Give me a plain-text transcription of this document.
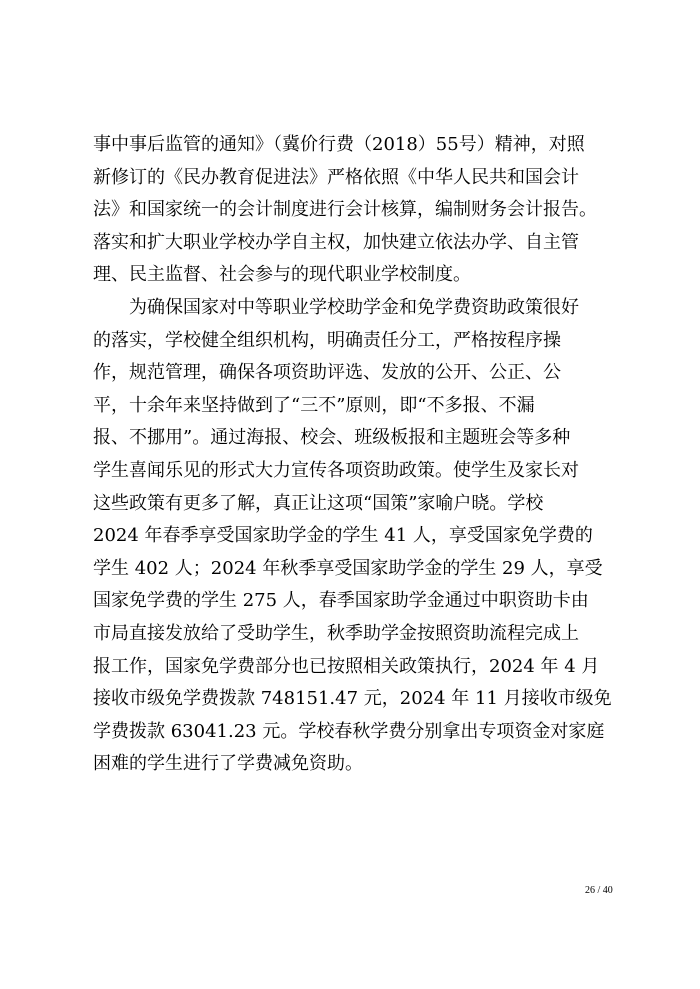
事中事后监管的通知》（冀价行费（2018）55号）精神，对照
新修订的《民办教育促进法》严格依照《中华人民共和国会计
法》和国家统一的会计制度进行会计核算，编制财务会计报告。
落实和扩大职业学校办学自主权，加快建立依法办学、自主管
理、民主监督、社会参与的现代职业学校制度。
　　为确保国家对中等职业学校助学金和免学费资助政策很好
的落实，学校健全组织机构，明确责任分工，严格按程序操
作，规范管理，确保各项资助评选、发放的公开、公正、公
平，十余年来坚持做到了“三不”原则，即“不多报、不漏
报、不挪用”。通过海报、校会、班级板报和主题班会等多种
学生喜闻乐见的形式大力宣传各项资助政策。使学生及家长对
这些政策有更多了解，真正让这项“国策”家喻户晓。学校
2024 年春季享受国家助学金的学生 41 人，享受国家免学费的
学生 402 人；2024 年秋季享受国家助学金的学生 29 人，享受
国家免学费的学生 275 人，春季国家助学金通过中职资助卡由
市局直接发放给了受助学生，秋季助学金按照资助流程完成上
报工作，国家免学费部分也已按照相关政策执行，2024 年 4 月
接收市级免学费拨款 748151.47 元，2024 年 11 月接收市级免
学费拨款 63041.23 元。学校春秋学费分别拿出专项资金对家庭
困难的学生进行了学费减免资助。
26 / 40
